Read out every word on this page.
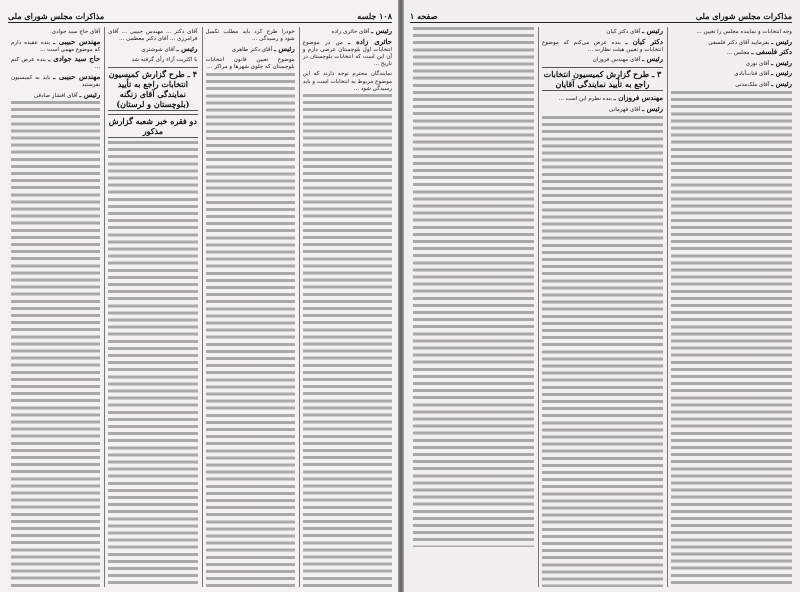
۱۰۸ جلسه
مذاکرات مجلس شورای ملی

رئیس ـ آقای حائری زاده

حائری زاده ـ من در موضوع انتخابات اول بلوچستان عرضی دارم و آن این است که انتخابات بلوچستان در تاریخ ...

نمایندگان محترم توجه دارند که این موضوع مربوط به انتخابات است و باید رسیدگی شود ...

خودرا طرح کرد باید مطلب تکمیل شود و رسیدگی ...

رئیس ـ آقای دکتر طاهری

موضوع تعیین قانون انتخابات بلوچستان که جلوی شهرها و مراکز ...

آقای دکتر ... مهندس حبیبی ... آقای فرامرزی ... آقای دکتر معظمی ...

رئیس ـ آقای شوشتری

با اکثریت آراء رأی گرفته شد

۴ ـ طرح گزارش کمیسیون انتخابات راجع به تأیید نمایندگی آقای زنگنه (بلوچستان و لرستان)
دو فقره خبر شعبه گزارش مذکور

آقای حاج سید جوادی

مهندس حبیبی ـ بنده عقیده دارم که موضوع مهمی است ...

حاج سید جوادی ـ بنده عرض کنم ...

مهندس حبیبی ـ باید به کمیسیون بفرستید

رئیس ـ آقای افشار صادقی

مذاکرات مجلس شورای ملی
صفحه ۱

وجه انتخابات و نماینده مجلس را تعیین ...

رئیس ـ بفرمایید آقای دکتر فلسفی

دکتر فلسفی ـ مجلس ...

رئیس ـ آقای نوری

رئیس ـ آقای قنات‌آبادی

رئیس ـ آقای ملک‌مدنی

رئیس ـ آقای دکتر کیان

دکتر کیان ـ بنده عرض می‌کنم که موضوع انتخابات و تعیین هیئت نظارت ...

رئیس ـ آقای مهندس فروزان

۳ ـ طرح گزارش کمیسیون انتخابات راجع به تأیید نمایندگی آقایان

مهندس فروزان ـ بنده نظرم این است ...

رئیس ـ آقای قهرمانی
